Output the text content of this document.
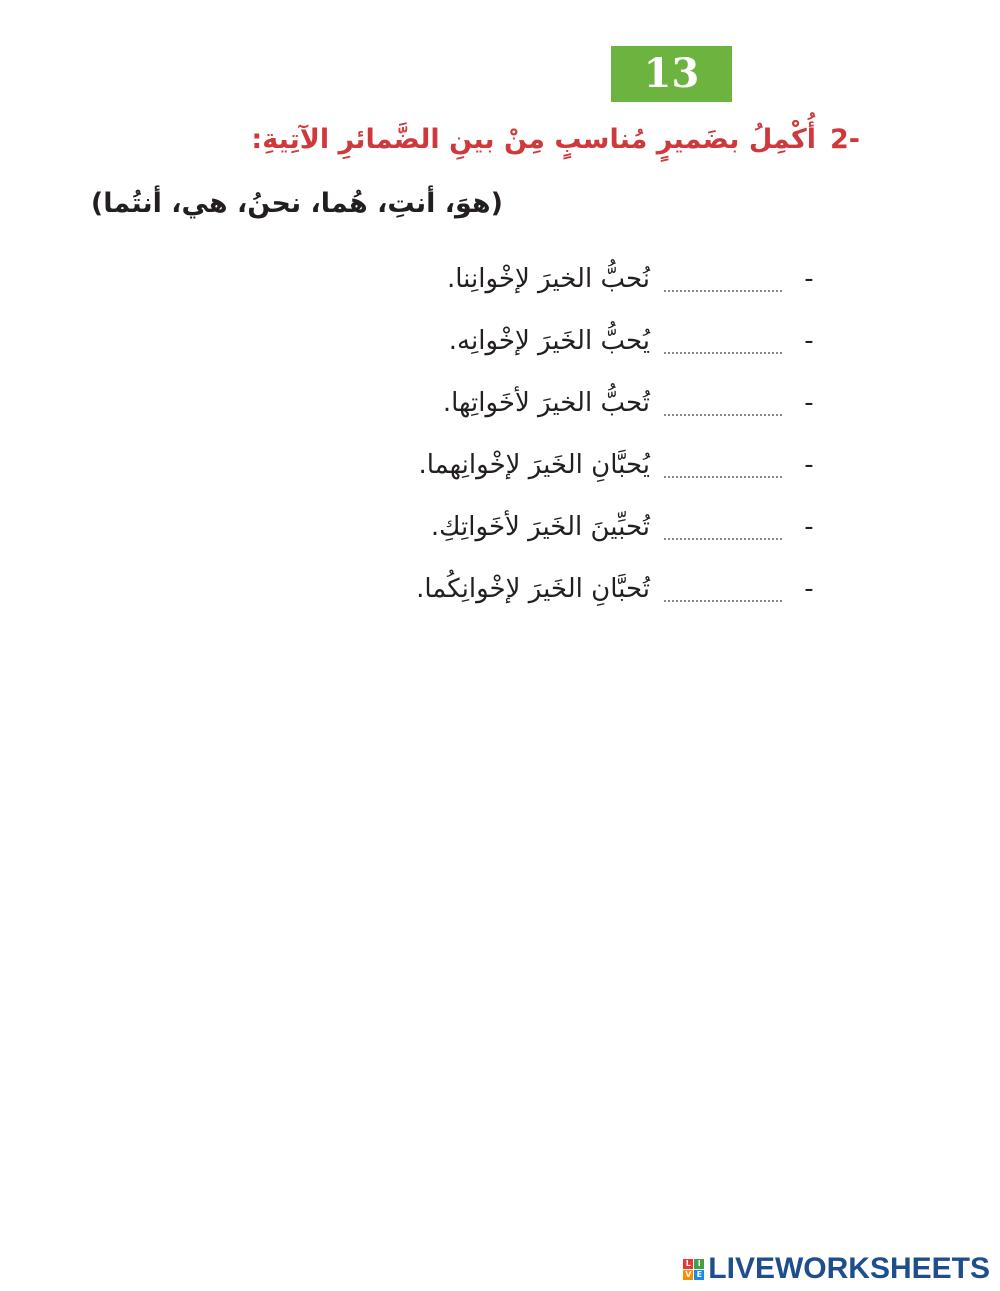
13
-2أُكْمِلُ بضَميرٍ مُناسبٍ مِنْ بينِ الضَّمائرِ الآتِيةِ:
(هوَ، أنتِ، هُما، نحنُ، هي، أنتُما)
-
نُحبُّ الخيرَ لإخْوانِنا.
-
يُحبُّ الخَيرَ لإخْوانِه.
-
تُحبُّ الخيرَ لأخَواتِها.
-
يُحبَّانِ الخَيرَ لإخْوانِهما.
-
تُحبِّينَ الخَيرَ لأخَواتِكِ.
-
تُحبَّانِ الخَيرَ لإخْوانِكُما.
L I
V E LIVEWORKSHEETS
